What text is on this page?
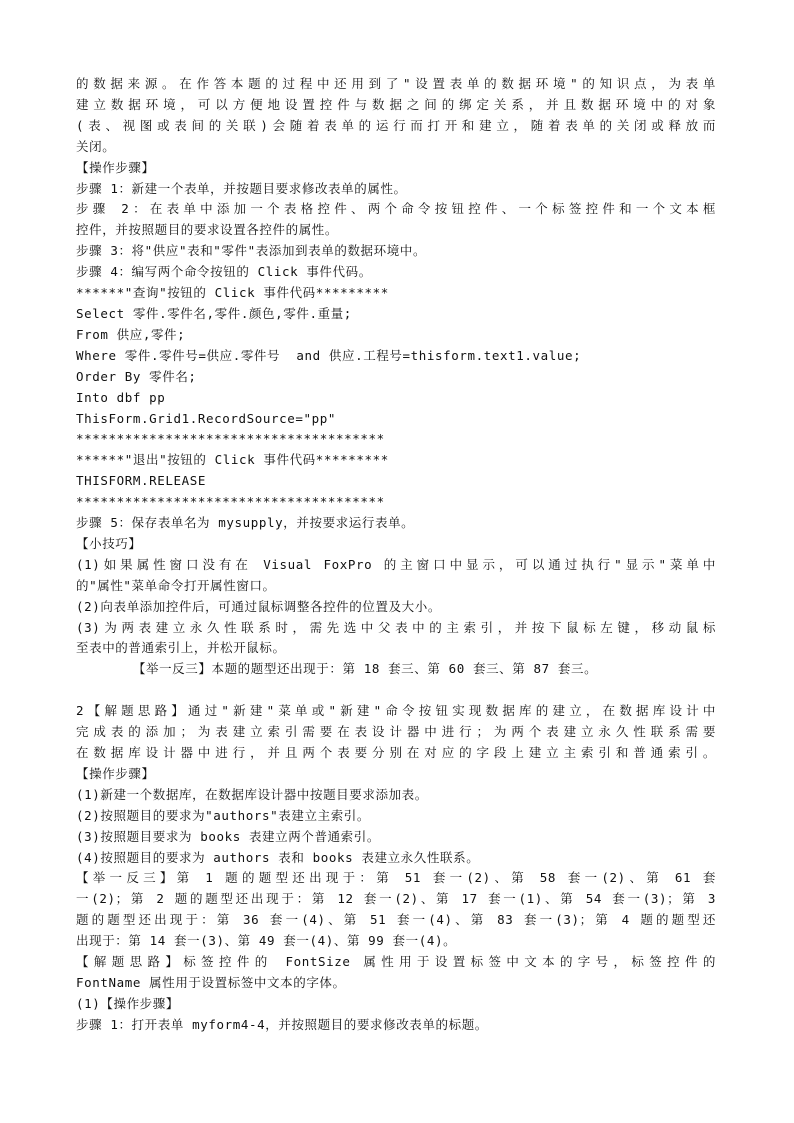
的数据来源。在作答本题的过程中还用到了"设置表单的数据环境"的知识点，为表单
建立数据环境，可以方便地设置控件与数据之间的绑定关系，并且数据环境中的对象
(表、视图或表间的关联)会随着表单的运行而打开和建立，随着表单的关闭或释放而
关闭。
【操作步骤】
步骤 1：新建一个表单，并按题目要求修改表单的属性。
步骤 2：在表单中添加一个表格控件、两个命令按钮控件、一个标签控件和一个文本框
控件，并按照题目的要求设置各控件的属性。
步骤 3：将"供应"表和"零件"表添加到表单的数据环境中。
步骤 4：编写两个命令按钮的 Click 事件代码。
******"查询"按钮的 Click 事件代码*********
Select 零件.零件名,零件.颜色,零件.重量;
From 供应,零件;
Where 零件.零件号=供应.零件号  and 供应.工程号=thisform.text1.value;
Order By 零件名;
Into dbf pp
ThisForm.Grid1.RecordSource="pp"
**************************************
******"退出"按钮的 Click 事件代码*********
THISFORM.RELEASE
**************************************
步骤 5：保存表单名为 mysupply，并按要求运行表单。
【小技巧】
(1)如果属性窗口没有在 Visual FoxPro 的主窗口中显示，可以通过执行"显示"菜单中
的"属性"菜单命令打开属性窗口。
(2)向表单添加控件后，可通过鼠标调整各控件的位置及大小。
(3)为两表建立永久性联系时，需先选中父表中的主索引，并按下鼠标左键，移动鼠标
至表中的普通索引上，并松开鼠标。
【举一反三】本题的题型还出现于：第 18 套三、第 60 套三、第 87 套三。
2【解题思路】通过"新建"菜单或"新建"命令按钮实现数据库的建立，在数据库设计中
完成表的添加；为表建立索引需要在表设计器中进行；为两个表建立永久性联系需要
在数据库设计器中进行，并且两个表要分别在对应的字段上建立主索引和普通索引。
【操作步骤】
(1)新建一个数据库，在数据库设计器中按题目要求添加表。
(2)按照题目的要求为"authors"表建立主索引。
(3)按照题目要求为 books 表建立两个普通索引。
(4)按照题目的要求为 authors 表和 books 表建立永久性联系。
【举一反三】第 1 题的题型还出现于：第 51 套一(2)、第 58 套一(2)、第 61 套
一(2)；第 2 题的题型还出现于：第 12 套一(2)、第 17 套一(1)、第 54 套一(3)；第 3
题的题型还出现于：第 36 套一(4)、第 51 套一(4)、第 83 套一(3)；第 4 题的题型还
出现于：第 14 套一(3)、第 49 套一(4)、第 99 套一(4)。
【解题思路】标签控件的 FontSize 属性用于设置标签中文本的字号，标签控件的
FontName 属性用于设置标签中文本的字体。
(1)【操作步骤】
步骤 1：打开表单 myform4-4，并按照题目的要求修改表单的标题。
